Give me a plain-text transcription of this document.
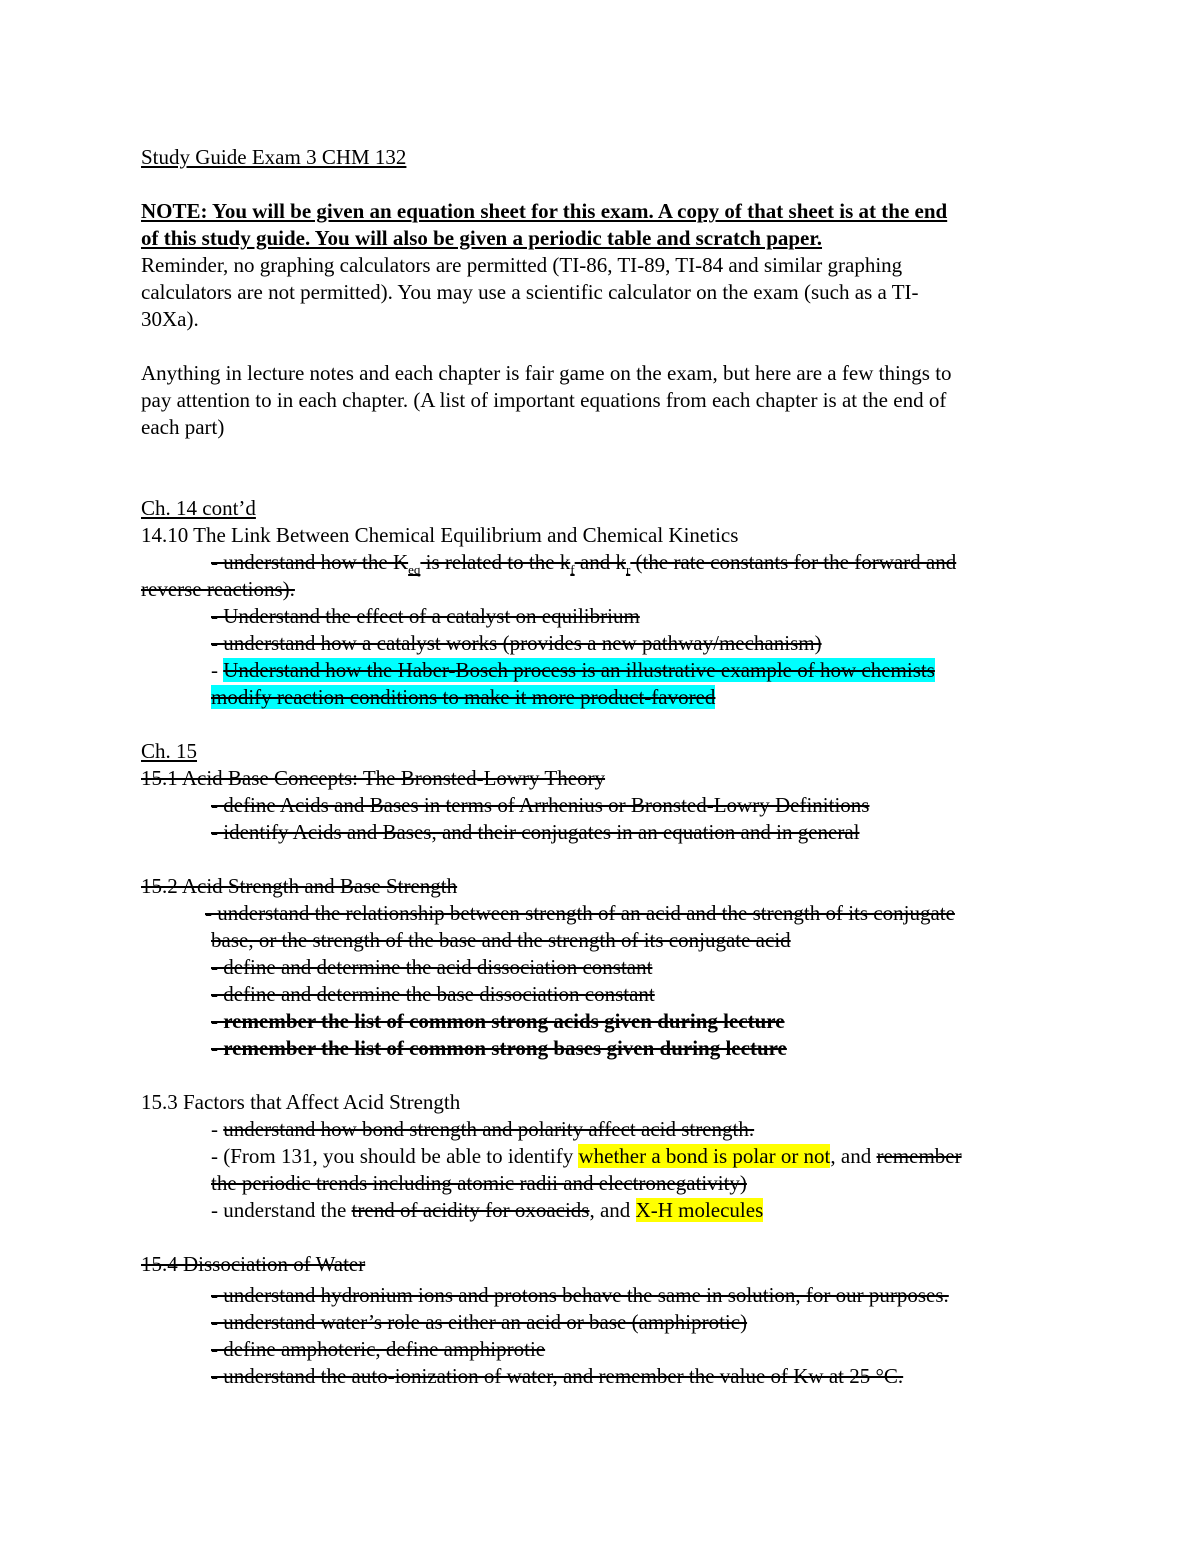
Study Guide Exam 3 CHM 132
NOTE: You will be given an equation sheet for this exam. A copy of that sheet is at the end
of this study guide. You will also be given a periodic table and scratch paper.
Reminder, no graphing calculators are permitted (TI-86, TI-89, TI-84 and similar graphing
calculators are not permitted). You may use a scientific calculator on the exam (such as a TI-
30Xa).
Anything in lecture notes and each chapter is fair game on the exam, but here are a few things to
pay attention to in each chapter. (A list of important equations from each chapter is at the end of
each part)
Ch. 14 cont’d
14.10 The Link Between Chemical Equilibrium and Chemical Kinetics
- understand how the $K_{eq}$ is related to the $k_f$ and $k_r$ (the rate constants for the forward and
reverse reactions).
- Understand the effect of a catalyst on equilibrium
- understand how a catalyst works (provides a new pathway/mechanism)
- Understand how the Haber-Bosch process is an illustrative example of how chemists
modify reaction conditions to make it more product-favored
Ch. 15
15.1 Acid Base Concepts: The Bronsted-Lowry Theory
- define Acids and Bases in terms of Arrhenius or Bronsted-Lowry Definitions
- identify Acids and Bases, and their conjugates in an equation and in general
15.2 Acid Strength and Base Strength
- understand the relationship between strength of an acid and the strength of its conjugate
base, or the strength of the base and the strength of its conjugate acid
- define and determine the acid dissociation constant
- define and determine the base dissociation constant
- remember the list of common strong acids given during lecture
- remember the list of common strong bases given during lecture
15.3 Factors that Affect Acid Strength
- understand how bond strength and polarity affect acid strength.
- (From 131, you should be able to identify whether a bond is polar or not, and remember
the periodic trends including atomic radii and electronegativity)
- understand the trend of acidity for oxoacids, and X-H molecules
15.4 Dissociation of Water
- understand hydronium ions and protons behave the same in solution, for our purposes.
- understand water’s role as either an acid or base (amphiprotic)
- define amphoteric, define amphiprotie
- understand the auto-ionization of water, and remember the value of Kw at 25 °C.
